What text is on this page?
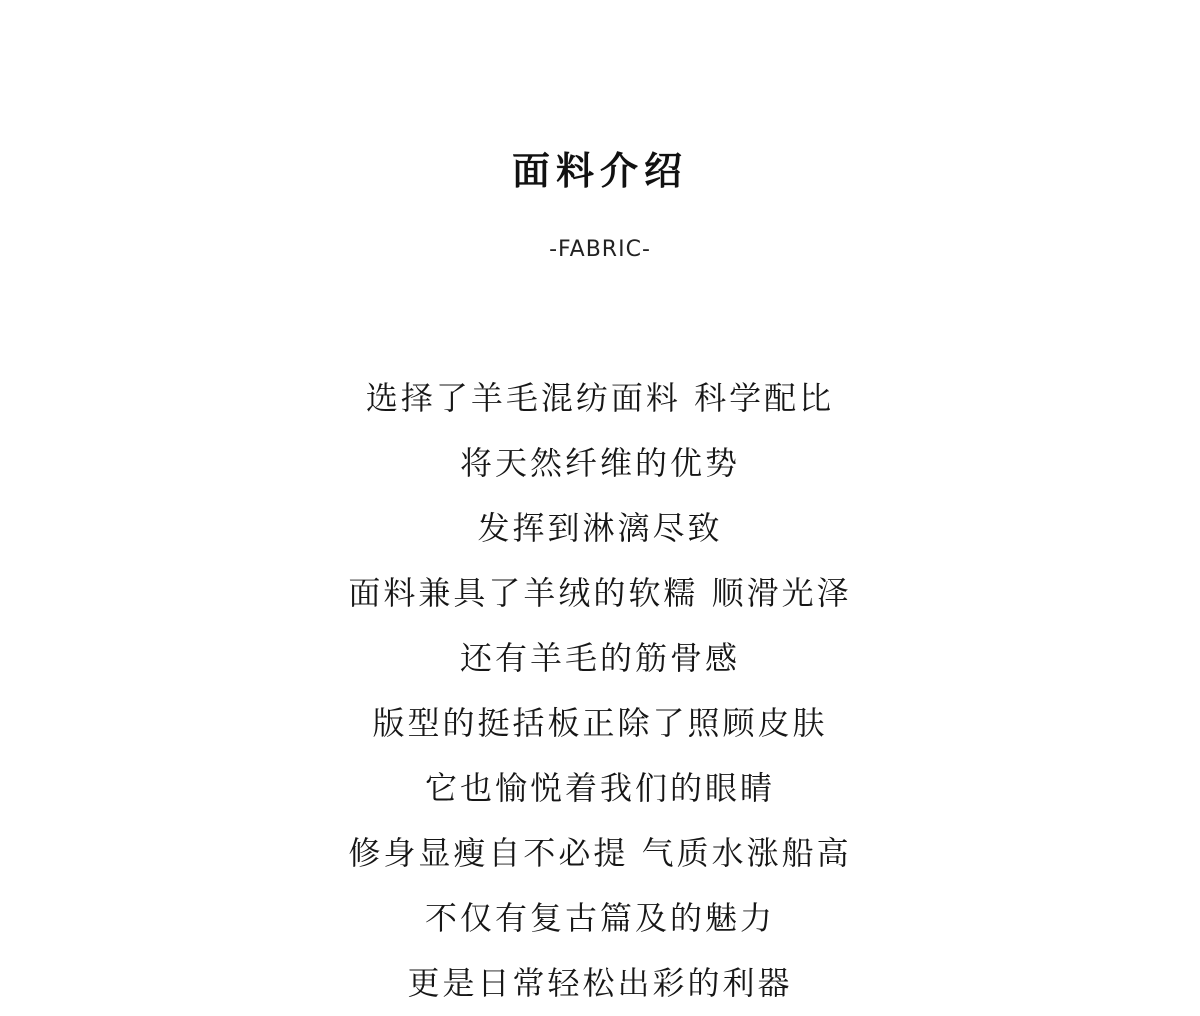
面料介绍
-FABRIC-
选择了羊毛混纺面料 科学配比
将天然纤维的优势
发挥到淋漓尽致
面料兼具了羊绒的软糯 顺滑光泽
还有羊毛的筋骨感
版型的挺括板正除了照顾皮肤
它也愉悦着我们的眼睛
修身显瘦自不必提 气质水涨船高
不仅有复古篇及的魅力
更是日常轻松出彩的利器
